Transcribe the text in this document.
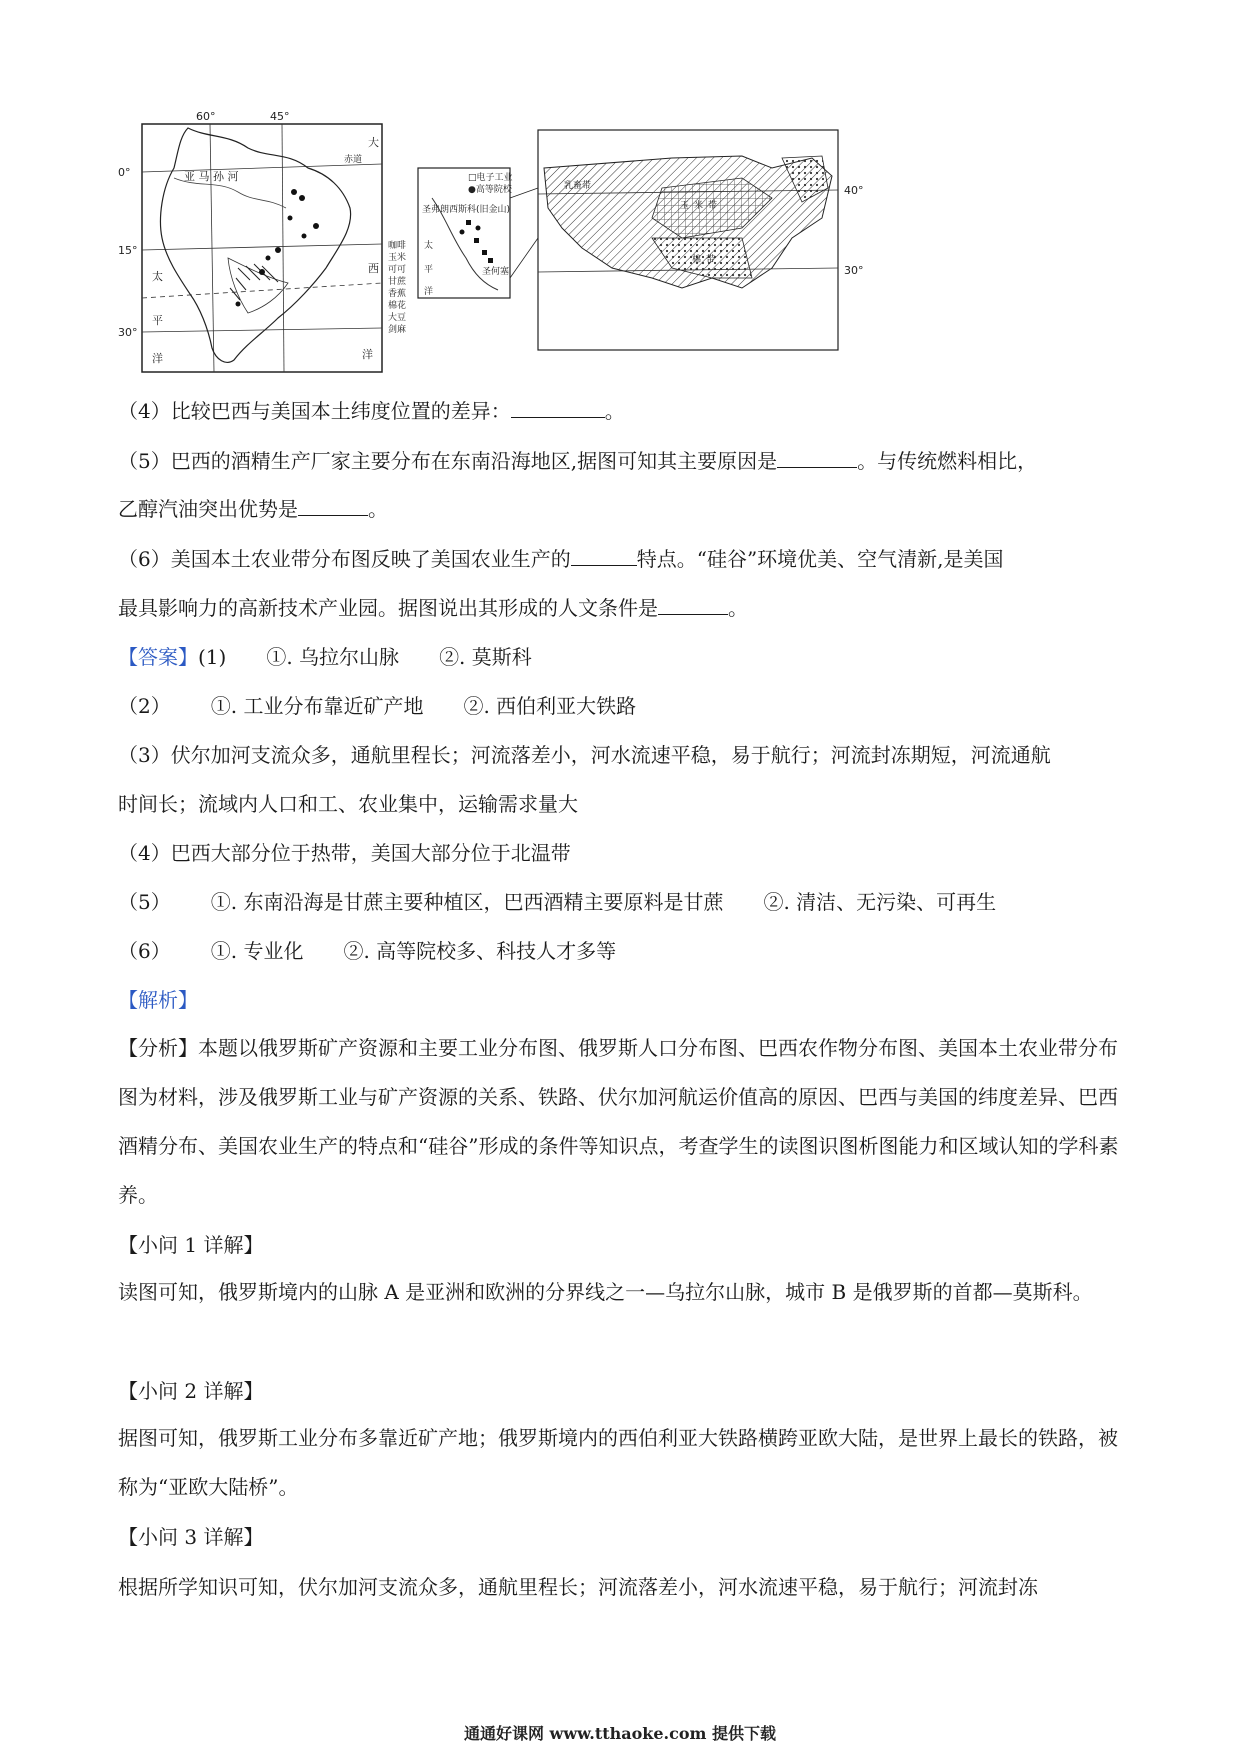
60°	45°
0°
15°
30°
大
赤道
亚 马 孙 河
西
洋
太
平
洋
咖啡
玉米
可可
甘蔗
香蕉
棉花
大豆
剑麻
□电子工业
●高等院校
圣弗朗西斯科(旧金山)
太
平
洋
圣何塞
乳畜带
玉 米 带
棉 带
40°
30°
（4）比较巴西与美国本土纬度位置的差异：	。
（5）巴西的酒精生产厂家主要分布在东南沿海地区,据图可知其主要原因是	。与传统燃料相比，
乙醇汽油突出优势是	。
（6）美国本土农业带分布图反映了美国农业生产的	特点。“硅谷”环境优美、空气清新,是美国
最具影响力的高新技术产业园。据图说出其形成的人文条件是	。
【答案】(1) ①. 乌拉尔山脉 ②. 莫斯科
（2） ①. 工业分布靠近矿产地 ②. 西伯利亚大铁路
（3）伏尔加河支流众多，通航里程长；河流落差小，河水流速平稳，易于航行；河流封冻期短，河流通航
时间长；流域内人口和工、农业集中，运输需求量大
（4）巴西大部分位于热带，美国大部分位于北温带
（5） ①. 东南沿海是甘蔗主要种植区，巴西酒精主要原料是甘蔗 ②. 清洁、无污染、可再生
（6） ①. 专业化 ②. 高等院校多、科技人才多等
【解析】
【分析】本题以俄罗斯矿产资源和主要工业分布图、俄罗斯人口分布图、巴西农作物分布图、美国本土农业带分布图为材料，涉及俄罗斯工业与矿产资源的关系、铁路、伏尔加河航运价值高的原因、巴西与美国的纬度差异、巴西酒精分布、美国农业生产的特点和“硅谷”形成的条件等知识点，考查学生的读图识图析图能力和区域认知的学科素养。
【小问 1 详解】
读图可知，俄罗斯境内的山脉 A 是亚洲和欧洲的分界线之一—乌拉尔山脉，城市 B 是俄罗斯的首都—莫斯科。
【小问 2 详解】
据图可知，俄罗斯工业分布多靠近矿产地；俄罗斯境内的西伯利亚大铁路横跨亚欧大陆，是世界上最长的铁路，被称为“亚欧大陆桥”。
【小问 3 详解】
根据所学知识可知，伏尔加河支流众多，通航里程长；河流落差小，河水流速平稳，易于航行；河流封冻
通通好课网 www.tthaoke.com 提供下载
